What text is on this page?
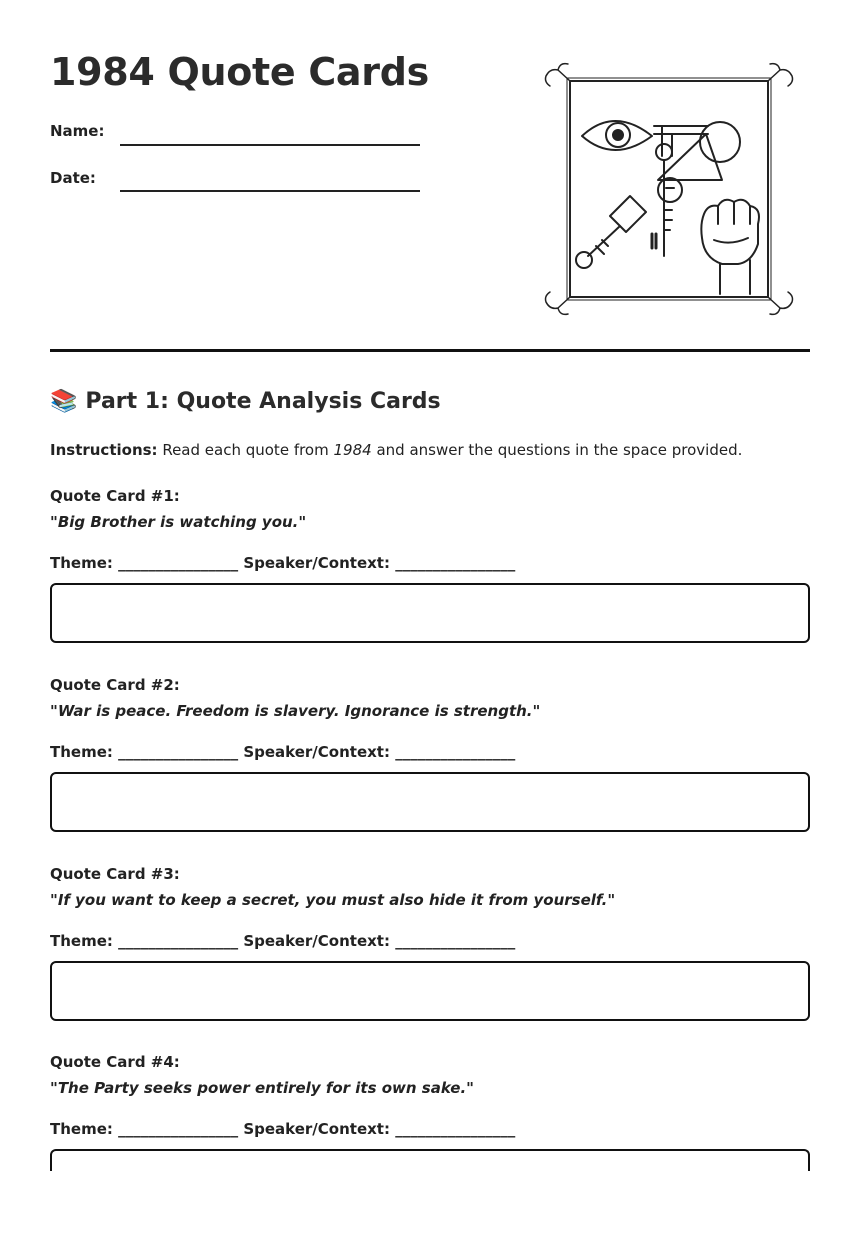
1984 Quote Cards
Name:
Date:
📚 Part 1: Quote Analysis Cards
Instructions: Read each quote from 1984 and answer the questions in the space provided.
Quote Card #1:
"Big Brother is watching you."
Theme: ________________ Speaker/Context: ________________
Quote Card #2:
"War is peace. Freedom is slavery. Ignorance is strength."
Theme: ________________ Speaker/Context: ________________
Quote Card #3:
"If you want to keep a secret, you must also hide it from yourself."
Theme: ________________ Speaker/Context: ________________
Quote Card #4:
"The Party seeks power entirely for its own sake."
Theme: ________________ Speaker/Context: ________________
